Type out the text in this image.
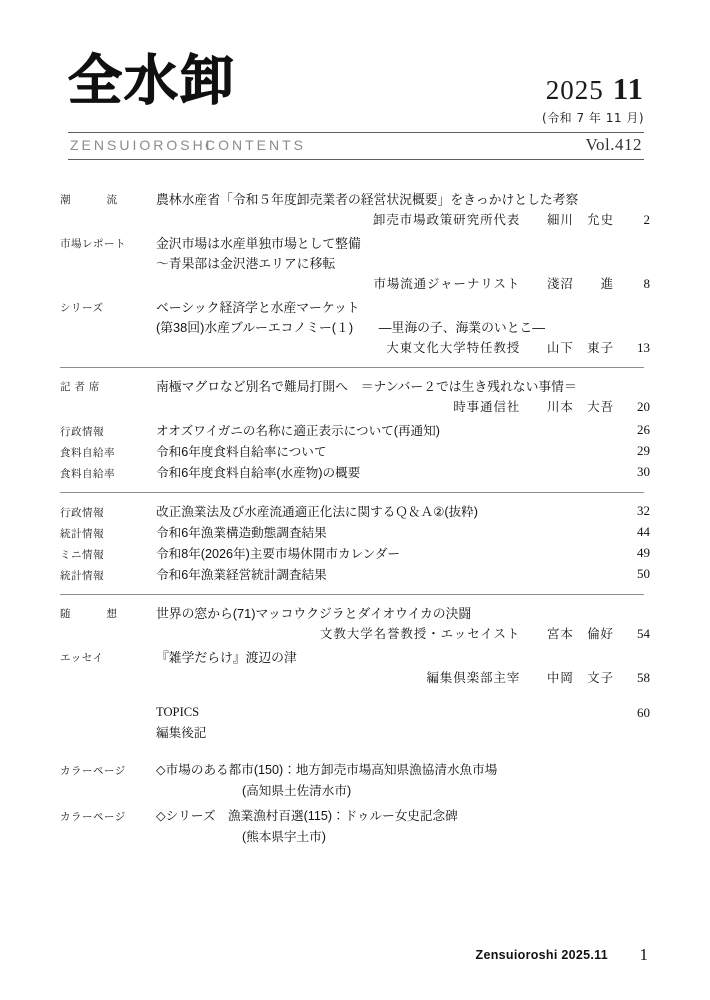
全水卸	2025 11
(令和 7 年 11 月)
ZENSUIOROSHI
CONTENTS	Vol.412
潮　　流	農林水産省「令和５年度卸売業者の経営状況概要」をきっかけとした考察
卸売市場政策研究所代表　　細川　允史	2
市場レポート	金沢市場は水産単独市場として整備
〜青果部は金沢港エリアに移転
市場流通ジャーナリスト　　淺沼　　進	8
シリーズ	ベーシック経済学と水産マーケット
(第38回)水産ブルーエコノミー(１)　　―里海の子、海業のいとこ―
大東文化大学特任教授　　山下　東子	13
記 者 席	南極マグロなど別名で難局打開へ　＝ナンバー２では生き残れない事情＝
時事通信社　　川本　大吾	20
行政情報	オオズワイガニの名称に適正表示について(再通知)	26
食料自給率	令和6年度食料自給率について	29
食料自給率	令和6年度食料自給率(水産物)の概要	30
行政情報	改正漁業法及び水産流通適正化法に関するＱ＆Ａ②(抜粋)	32
統計情報	令和6年漁業構造動態調査結果	44
ミニ情報	令和8年(2026年)主要市場休開市カレンダー	49
統計情報	令和6年漁業経営統計調査結果	50
随　　想	世界の窓から(71)マッコウクジラとダイオウイカの決闘
文教大学名誉教授・エッセイスト　　宮本　倫好	54
エッセイ	『雑学だらけ』渡辺の津
編集倶楽部主宰　　中岡　文子	58
TOPICS	60
編集後記
カラーページ	◇市場のある都市(150)：地方卸売市場高知県漁協清水魚市場
(高知県土佐清水市)
カラーページ	◇シリーズ　漁業漁村百選(115)：ドゥルー女史記念碑
(熊本県宇土市)
Zensuioroshi 2025.11 1
